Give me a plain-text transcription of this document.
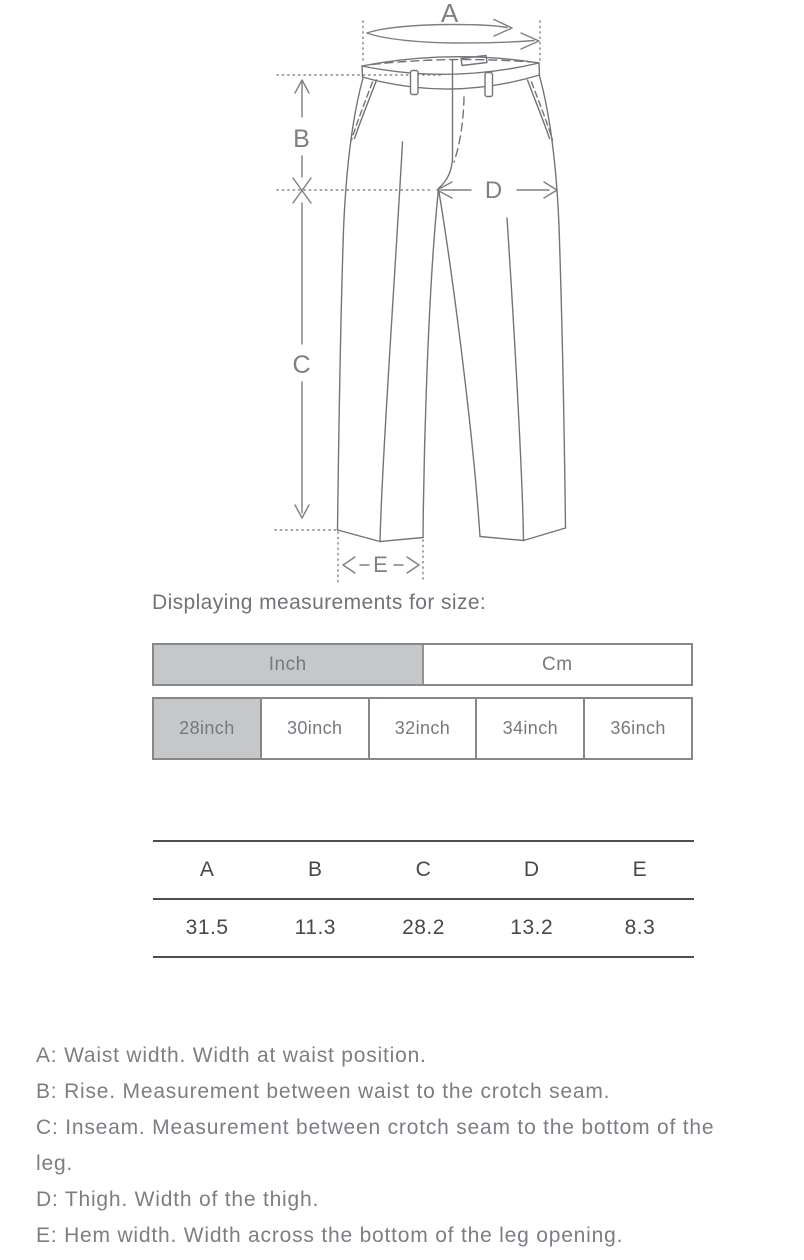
A
B
C
D
E
Displaying measurements for size:
Inch	Cm
28inch	30inch	32inch	34inch	36inch
A	B	C	D	E
31.5	11.3	28.2	13.2	8.3

A: Waist width. Width at waist position.

B: Rise. Measurement between waist to the crotch seam.

C: Inseam. Measurement between crotch seam to the bottom of the leg.

D: Thigh. Width of the thigh.

E: Hem width. Width across the bottom of the leg opening.
